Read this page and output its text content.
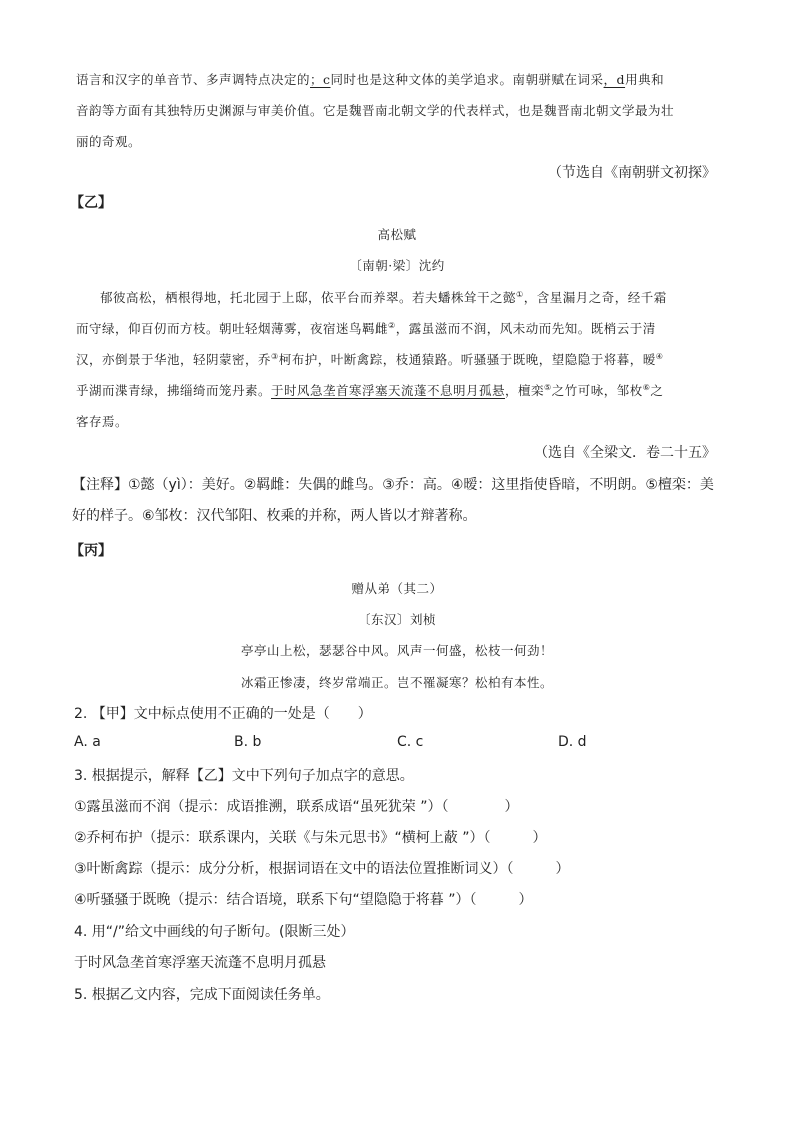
语言和汉字的单音节、多声调特点决定的；c同时也是这种文体的美学追求。南朝骈赋在词采，d用典和
音韵等方面有其独特历史渊源与审美价值。它是魏晋南北朝文学的代表样式，也是魏晋南北朝文学最为壮
丽的奇观。
（节选自《南朝骈文初探》
【乙】
高松赋
〔南朝·梁〕沈约
郁彼高松，栖根得地，托北园于上邸，依平台而养翠。若夫蟠株耸干之懿①，含星漏月之奇，经千霜
而守绿，仰百仞而方枝。朝吐轻烟薄雾，夜宿迷鸟羁雌②，露虽滋而不润，风未动而先知。既梢云于清
汉，亦倒景于华池，轻阴蒙密，乔③柯布护，叶断禽踪，枝通猿路。听骚骚于既晚，望隐隐于将暮，暧④
乎湖而渫青绿，拂缁绮而笼丹素。于时风急垄首寒浮塞天流蓬不息明月孤悬，檀栾⑤之竹可咏，邹枚⑥之
客存焉。
（选自《全梁文．卷二十五》
【注释】①懿（yì）：美好。②羁雌：失偶的雌鸟。③乔：高。④暧：这里指使昏暗，不明朗。⑤檀栾：美
好的样子。⑥邹枚：汉代邹阳、枚乘的并称，两人皆以才辩著称。
【丙】
赠从弟（其二）
〔东汉〕刘桢
亭亭山上松，瑟瑟谷中风。风声一何盛，松枝一何劲！
冰霜正惨凄，终岁常端正。岂不罹凝寒？松柏有本性。
2. 【甲】文中标点使用不正确的一处是（　　）
A. a	B. b	C. c	D. d
3. 根据提示，解释【乙】文中下列句子加点字的意思。
①露虽滋而不润（提示：成语推溯，联系成语“虽死犹荣 ”）（　　　　）
②乔柯布护（提示：联系课内，关联《与朱元思书》“横柯上蔽 ”）（　　　）
③叶断禽踪（提示：成分分析，根据词语在文中的语法位置推断词义）（　　　）
④听骚骚于既晚（提示：结合语境，联系下句“望隐隐于将暮 ”）（　　　）
4. 用“/”给文中画线的句子断句。(限断三处）
于时风急垄首寒浮塞天流蓬不息明月孤悬
5. 根据乙文内容，完成下面阅读任务单。
